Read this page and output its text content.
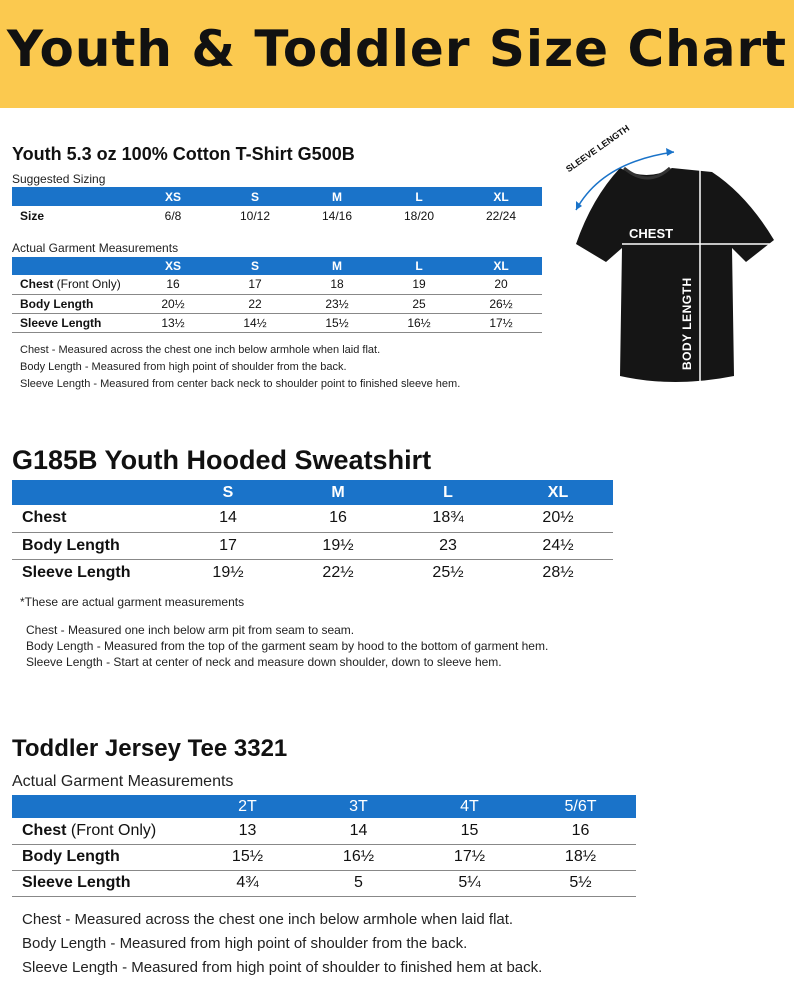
Youth & Toddler Size Chart
Youth 5.3 oz 100% Cotton T-Shirt G500B
Suggested Sizing
	XS	S	M	L	XL
Size	6/8	10/12	14/16	18/20	22/24
Actual Garment Measurements
	XS	S	M	L	XL
Chest (Front Only)	16	17	18	19	20
Body Length	20½	22	23½	25	26½
Sleeve Length	13½	14½	15½	16½	17½
Chest - Measured across the chest one inch below armhole when laid flat.
Body Length - Measured from high point of shoulder from the back.
Sleeve Length - Measured from center back neck to shoulder point to finished sleeve hem.
SLEEVE LENGTH
CHEST
BODY LENGTH
G185B Youth Hooded Sweatshirt
	S	M	L	XL
Chest	14	16	18¾	20½
Body Length	17	19½	23	24½
Sleeve Length	19½	22½	25½	28½
*These are actual garment measurements
Chest - Measured one inch below arm pit from seam to seam.
Body Length - Measured from the top of the garment seam by hood to the bottom of garment hem.
Sleeve Length - Start at center of neck and measure down shoulder, down to sleeve hem.
Toddler Jersey Tee 3321
Actual Garment Measurements
	2T	3T	4T	5/6T
Chest (Front Only)	13	14	15	16
Body Length	15½	16½	17½	18½
Sleeve Length	4¾	5	5¼	5½
Chest - Measured across the chest one inch below armhole when laid flat.
Body Length - Measured from high point of shoulder from the back.
Sleeve Length - Measured from high point of shoulder to finished hem at back.
